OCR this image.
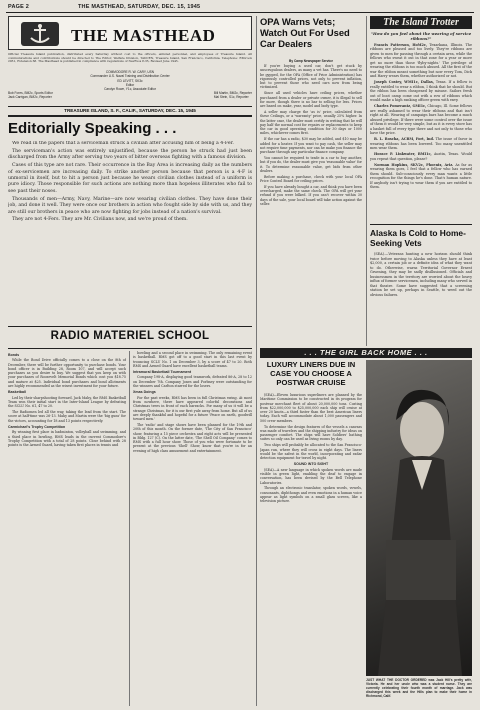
PAGE 2	THE MASTHEAD, SATURDAY, DEC. 15, 1945
THE MASTHEAD
Official Treasure Island publication, distributed every Saturday without cost to the officers, enlisted personnel, and employees of Treasure Island. All communications and contributions should be directed to The Editor, Welfare Division, TADCEN, Treasure Island, San Francisco, California. Telephone: EXbrook 2951, Extension 68. The Masthead is published in compliance with regulations of NavExos P-35, Revised June 1945.
COMMODORE R. W. CARY, USN
Commander U.S. Naval Training and Distribution Center
ED LEVITT, SK3c
Editor
Carolyn Rowe, Y1c, Associate Editor
Bob Fores, BM2c, Sports Editor
Jack Carrigan, BM2c, Reporter
Bill Martin, BM2c, Reporter
Mal Stein, S1c, Reporter
TREASURE ISLAND, S. F., CALIF., SATURDAY, DEC. 15, 1945
Editorially Speaking . . .

We read in the papers that a serviceman struck a civilian after accusing him of being a 4-Fer.

The serviceman's action was entirely unjustified, because the person he struck had just been discharged from the Army after serving two years of bitter overseas fighting with a famous division.

Cases of this type are not rare. Their occurrence in the Bay Area is increasing daily as the numbers of ex-servicemen are increasing daily. To strike another person because that person is a 4-F is unmoral in itself, but to hit a person just because he wears civilian clothes instead of a uniform is pure idiocy. Those responsible for such actions are nothing more than hopeless illiterates who fail to see past their noses.

Thousands of men—Army, Navy, Marine—are now wearing civilian clothes. They have done their job, and done it well. They were once our brothers in action who fought side by side with us, and they are still our brothers in peace who are now fighting for jobs instead of a nation's survival.

They are not 4-Fers. They are Mr. Civilians now, and we're proud of them.

RADIO MATERIEL SCHOOL
Bonds

While the Bond Drive officially comes to a close on the 8th of December, there will be further opportunity to purchase bonds. Your bond officer is in Building 28, Room 107, and will accept such purchases as you desire to buy. We suggest that you keep on with your purchases of Roosevelt Memorial Bonds which cost you $18.75 and mature at $25. Individual bond purchases and bond allotments are highly recommended as the wisest investment for your future.

Basketball

Led by their sharpshooting forward, Jack Mahy, the RMS Basketball Team won their initial start in the Inter-Island League by defeating the SCLU No. 61, 47 to 20.

The Radiomen led all the way, taking the lead from the start. The score at half-time was 26-13. Mahy and Martin were the 'big guns' for the victors, accounting for 18 and 13 points respectively.

Carmichael's Trophy Competition

By winning first place in badminton, volleyball and swimming, and a third place in bowling, RMS leads in the current Commodore's Trophy Competition with a total of 28 points. Close behind with 28 points is the Armed Guard, having taken first places in tennis and

bowling and a second place in swimming. The only remaining event is basketball. RMS got off to a good start in this last event by trouncing SCLU No. 1 on December 3, by a score of 47 to 20. Both RMS and Armed Guard have excellent basketball teams.

Intramural Basketball Tournament

Company 198-A, displaying good teamwork, defeated 86-A, 28 to 12 on December 7th. Company Jones and Forbney were outstanding for the winners and Carlton starred for the losers.

Xmas Doings

For the past weeks, RMS has been in full Christmas swing. At most from nowhere, there have appeared colorful decorations and Christmas trees in front of each barracks. For many of us it will be a strange Christmas, for it is our first yule away from home. But all of us are deeply thankful and hopeful for a future 'Peace on earth, goodwill toward men.'

The 'radio' and stage shows have been planned for the 19th and 20th of this month. On the former date, 'The City of San Francisco' show, featuring a 15 piece orchestra and eight acts will be presented in Bldg. 127 (C). On the latter date, 'The Shell Oil Company' comes to RMS with a full hour show. Those of you who were fortunate to be present at the previous 'Shell' Show, know that you're in for an evening of high class amusement and entertainment.

OPA Warns Vets; Watch Out For Used Car Dealers
By Camp Newspaper Service

If you're buying a used car, don't get stuck by unscrupulous dealers, as many a vet has. There's no need to be gypped, for the OPA (Office of Price Administration) has rigorously controlled prices, not only to prevent inflation, but to prevent those who need cars now from being victimized.

Since all used vehicles have ceiling prices, whether purchased from a dealer or private owner, it is illegal to sell for more, though there is no bar to selling for less. Prices are based on make, year, model and body type.

A seller may charge the 'as is' price, calculated from these Ceilings, or a 'warranty' price, usually 25% higher. In the latter case, the dealer must certify in writing that he will pay half the normal cost for repairs or replacements to keep the car in good operating condition for 30 days or 1000 miles, whichever comes first.

If the car has a radio, $30 may be added, and $10 may be added for a heater. If you want to pay cash, the seller may not require time payments, nor can he make you finance the purchase through any particular finance company.

You cannot be required to trade in a car to buy another, but if you do, the dealer must give you 'reasonable value' for it. To determine reasonable value, get bids from other dealers.

Before making a purchase, check with your local OPA Price Control Board for ceiling prices.

If you have already bought a car, and think you have been overcharged, make the same check. The OPA will get your refund if you were bilked. If you can't recover within 30 days of the sale, your local board will take action against the seller.

LUXURY LINERS DUE IN CASE YOU CHOOSE A POSTWAR CRUISE

(SEA)—Eleven luxurious superliners are planned by the Maritime Commission to be constructed in its program for postwar merchant fleet of about 20,000,000 tons. Costing from $22,000,000 to $25,000,000 each ship will cruise at over 20 knots—a third faster than the best American liners today. Each will accommodate about 1,000 passengers and 500 crew members.

To determine the design features of the vessels a canvass was made of travelers and the shipping industry for ideas on passenger comfort. The ships will have Soldiers' bathing suites so only can be used as living rooms by day.

Two ships will probably be allocated to the San Francisco-Japan run, where they will cross in eight days. The liners would be the safest in the world, incorporating and radar detection equipment for travel by night.

SOUND INTO SIGHT

(SEA)—A new language in which spoken words are made visible in green light, enabling the deaf to engage in conversation, has been devised by the Bell Telephone Laboratories.

Through an electronic translator, spoken words, vowels, consonants, diphthongs and even emotions in a human voice appear as light symbols on a small glass screen, like a television picture.

The Island Trotter

"How do you feel about the wearing of service ribbons?"

Francis Patterson, HoM2c, Texarkana, Illinois. The ribbons are pleased and too lively. They're ribbons are given to men for passing through a certain area, while the fellows who sweat it out in that zone for a year or more get no more than those 'flyby-nights.' The privilege of wearing the ribbons is too much abused. All the first of the war the ribbon meant something but now every Tom, Dick and Harry wears them, whether authorized or not.

Joseph Costey, WMI1c, Dallas, Texas. If a fellow is really entitled to wear a ribbon, I think that he should. But the ribbon has been cheapened by misuse. Sailors fresh out of boot camp come out with a row of ribbons which would make a high ranking officer green with envy.

Charles Pomerantz, GMI1c, Chicago, Ill. Some fellows are really ashamed to wear their ribbons and that isn't right at all. Wearing of campaign bars has become a much abused privilege. If there were some control over the issue of them it would be very simple, but as it is every store has a basket full of every type there and not only to those who have the price.

B. L. Roscha, ACRM, Fort, Ind. The issue of favor in wearing ribbons has been lowered. Too many unentitled men wear them.

Horace P. Linkwater, BMI1c, Austin, Texas. Would you repeat that question, please?

Norman Hopkins, SKV2c, Phoenix, Ariz. As far as wearing them goes, I feel that a fellow who has earned them should. Sub-consciously every man wants a little recognition for the things he's done. That's human nature. If anybody isn't trying to wear them if you are entitled to them.

Alaska Is Cold to Home-Seeking Vets

(SEA).—Veterans hunting a new horizon should think twice before moving to Alaska unless they have at least $2,000, a certain job or a definite idea of what they want to do. Otherwise, warns Territorial Governor Ernest Gruening, they may be sadly disillusioned. Officials and businessmen in the territory are worried about the heavy influx of former servicemen, including many who served in that theatre. Some have suggested that a screening station be set up, perhaps in Seattle, to weed out the obvious failures.

. . . THE GIRL BACK HOME . . .
JUST WHAT THE DOCTOR ORDERED was Jack Hill's pretty wife, Victoria. He and her uncle who was a student nurse. They are currently celebrating their fourth month of marriage. Jack was discharged this week and the Hills plan to make their home in Richmond, Calif.
